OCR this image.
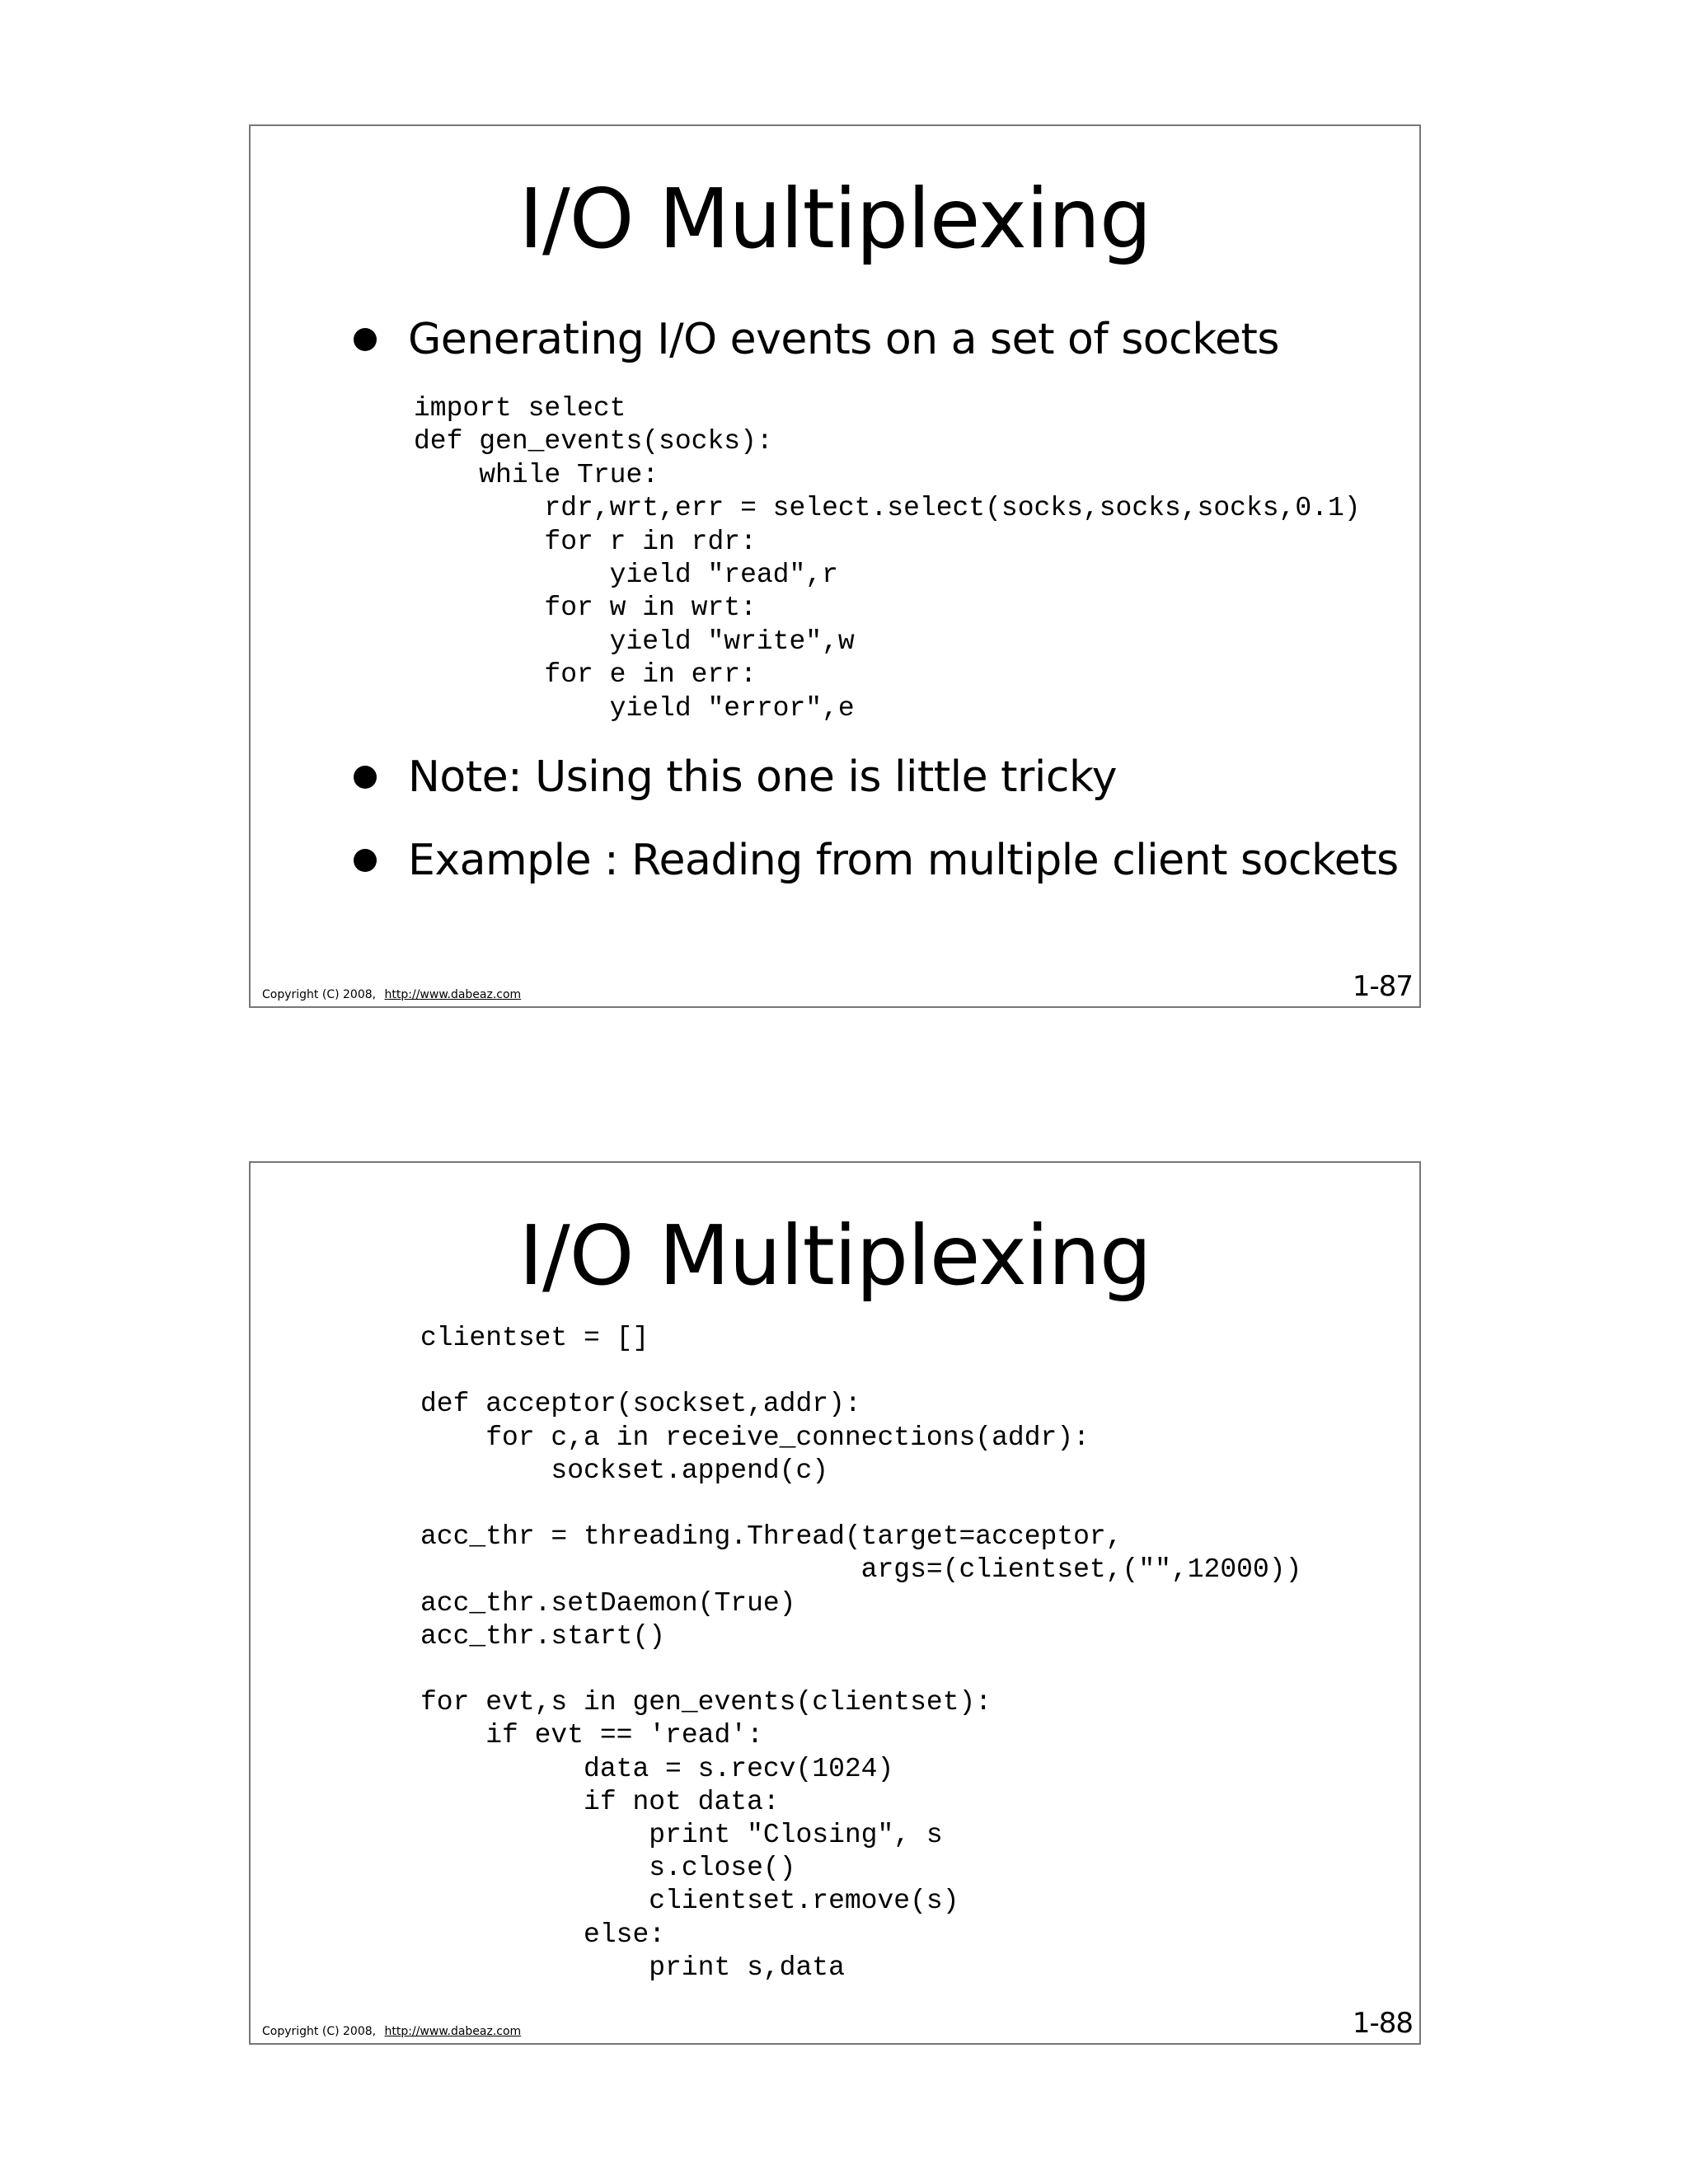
I/O Multiplexing
Generating I/O events on a set of sockets
Note: Using this one is little tricky
Example : Reading from multiple client sockets
import select
def gen_events(socks):
while True:
rdr,wrt,err = select.select(socks,socks,socks,0.1)
for r in rdr:
yield "read",r
for w in wrt:
yield "write",w
for e in err:
yield "error",e
Copyright (C) 2008, http://www.dabeaz.com	1-87
I/O Multiplexing
clientset = []

def acceptor(sockset,addr):
for c,a in receive_connections(addr):
sockset.append(c)

acc_thr = threading.Thread(target=acceptor,
args=(clientset,("",12000))
acc_thr.setDaemon(True)
acc_thr.start()

for evt,s in gen_events(clientset):
if evt == 'read':
data = s.recv(1024)
if not data:
print "Closing", s
s.close()
clientset.remove(s)
else:
print s,data
Copyright (C) 2008, http://www.dabeaz.com	1-88
